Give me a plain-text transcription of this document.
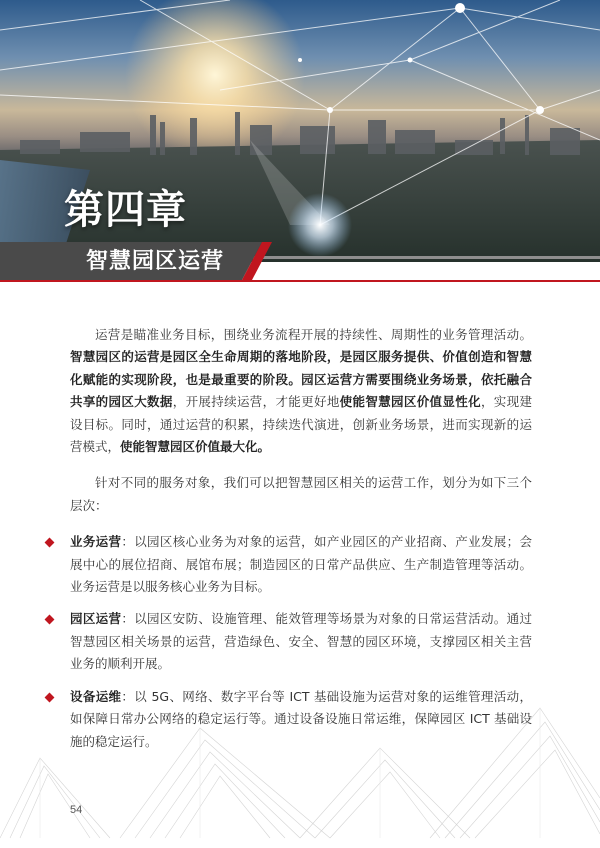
第四章
智慧园区运营

运营是瞄准业务目标，围绕业务流程开展的持续性、周期性的业务管理活动。智慧园区的运营是园区全生命周期的落地阶段，是园区服务提供、价值创造和智慧化赋能的实现阶段，也是最重要的阶段。园区运营方需要围绕业务场景，依托融合共享的园区大数据，开展持续运营，才能更好地使能智慧园区价值显性化，实现建设目标。同时，通过运营的积累，持续迭代演进，创新业务场景，进而实现新的运营模式，使能智慧园区价值最大化。

针对不同的服务对象，我们可以把智慧园区相关的运营工作，划分为如下三个层次：

业务运营：以园区核心业务为对象的运营，如产业园区的产业招商、产业发展；会展中心的展位招商、展馆布展；制造园区的日常产品供应、生产制造管理等活动。业务运营是以服务核心业务为目标。
园区运营：以园区安防、设施管理、能效管理等场景为对象的日常运营活动。通过智慧园区相关场景的运营，营造绿色、安全、智慧的园区环境，支撑园区相关主营业务的顺利开展。
设备运维：以 5G、网络、数字平台等 ICT 基础设施为运营对象的运维管理活动，如保障日常办公网络的稳定运行等。通过设备设施日常运维，保障园区 ICT 基础设施的稳定运行。

54
